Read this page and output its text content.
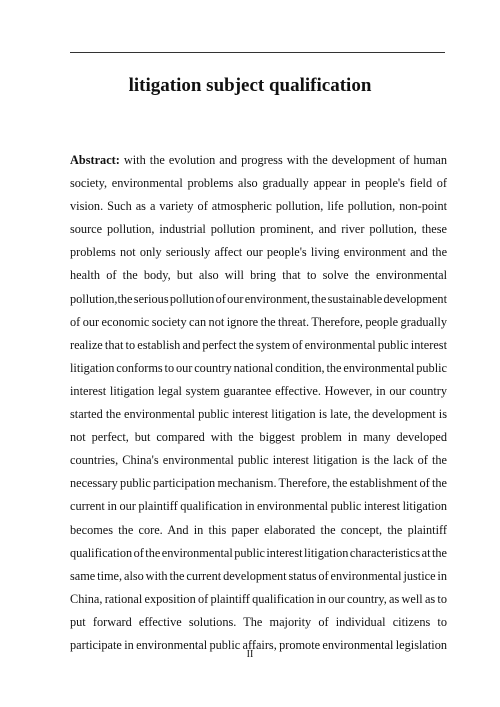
litigation subject qualification
Abstract: with the evolution and progress with the development of human
society, environmental problems also gradually appear in people's field of
vision. Such as a variety of atmospheric pollution, life pollution, non-point
source pollution, industrial pollution prominent, and river pollution, these
problems not only seriously affect our people's living environment and the
health of the body, but also will bring that to solve the environmental
pollution,the serious pollution of our environment, the sustainable development
of our economic society can not ignore the threat. Therefore, people gradually
realize that to establish and perfect the system of environmental public interest
litigation conforms to our country national condition, the environmental public
interest litigation legal system guarantee effective. However, in our country
started the environmental public interest litigation is late, the development is
not perfect, but compared with the biggest problem in many developed
countries, China's environmental public interest litigation is the lack of the
necessary public participation mechanism. Therefore, the establishment of the
current in our plaintiff qualification in environmental public interest litigation
becomes the core. And in this paper elaborated the concept, the plaintiff
qualification of the environmental public interest litigation characteristics at the
same time, also with the current development status of environmental justice in
China, rational exposition of plaintiff qualification in our country, as well as to
put forward effective solutions. The majority of individual citizens to
participate in environmental public affairs, promote environmental legislation
II
